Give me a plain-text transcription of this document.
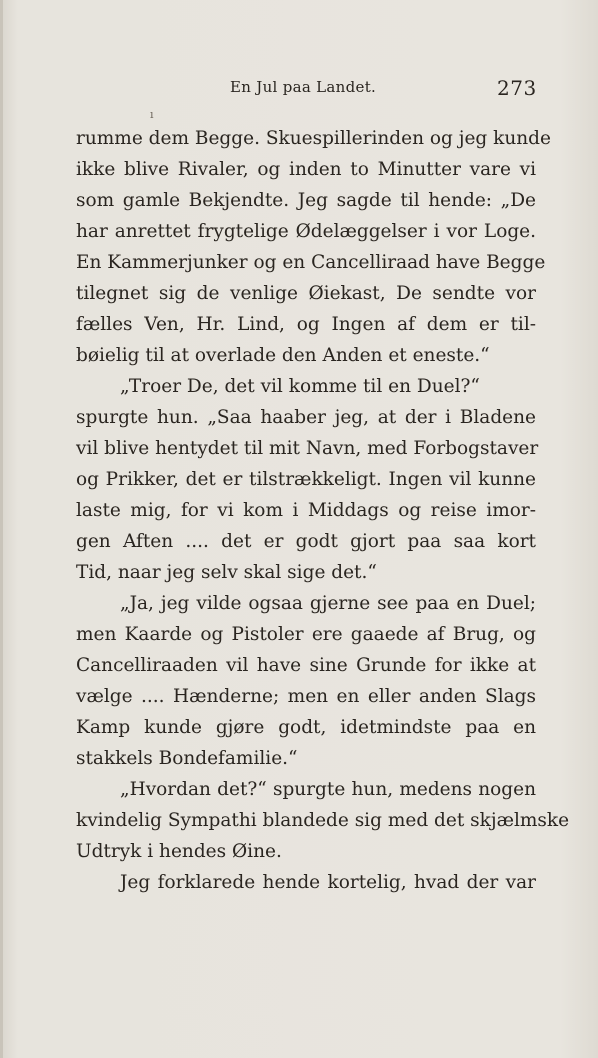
En Jul paa Landet.	273
ı
rumme dem Begge. Skuespillerinden og jeg kunde
ikke blive Rivaler, og inden to Minutter vare vi
som gamle Bekjendte. Jeg sagde til hende: „De
har anrettet frygtelige Ødelæggelser i vor Loge.
En Kammerjunker og en Cancelliraad have Begge
tilegnet sig de venlige Øiekast, De sendte vor
fælles Ven, Hr. Lind, og Ingen af dem er til-
bøielig til at overlade den Anden et eneste.“
„Troer De, det vil komme til en Duel?“
spurgte hun. „Saa haaber jeg, at der i Bladene
vil blive hentydet til mit Navn, med Forbogstaver
og Prikker, det er tilstrækkeligt. Ingen vil kunne
laste mig, for vi kom i Middags og reise imor-
gen Aften .... det er godt gjort paa saa kort
Tid, naar jeg selv skal sige det.“
„Ja, jeg vilde ogsaa gjerne see paa en Duel;
men Kaarde og Pistoler ere gaaede af Brug, og
Cancelliraaden vil have sine Grunde for ikke at
vælge .... Hænderne; men en eller anden Slags
Kamp kunde gjøre godt, idetmindste paa en
stakkels Bondefamilie.“
„Hvordan det?“ spurgte hun, medens nogen
kvindelig Sympathi blandede sig med det skjælmske
Udtryk i hendes Øine.
Jeg forklarede hende kortelig, hvad der var
